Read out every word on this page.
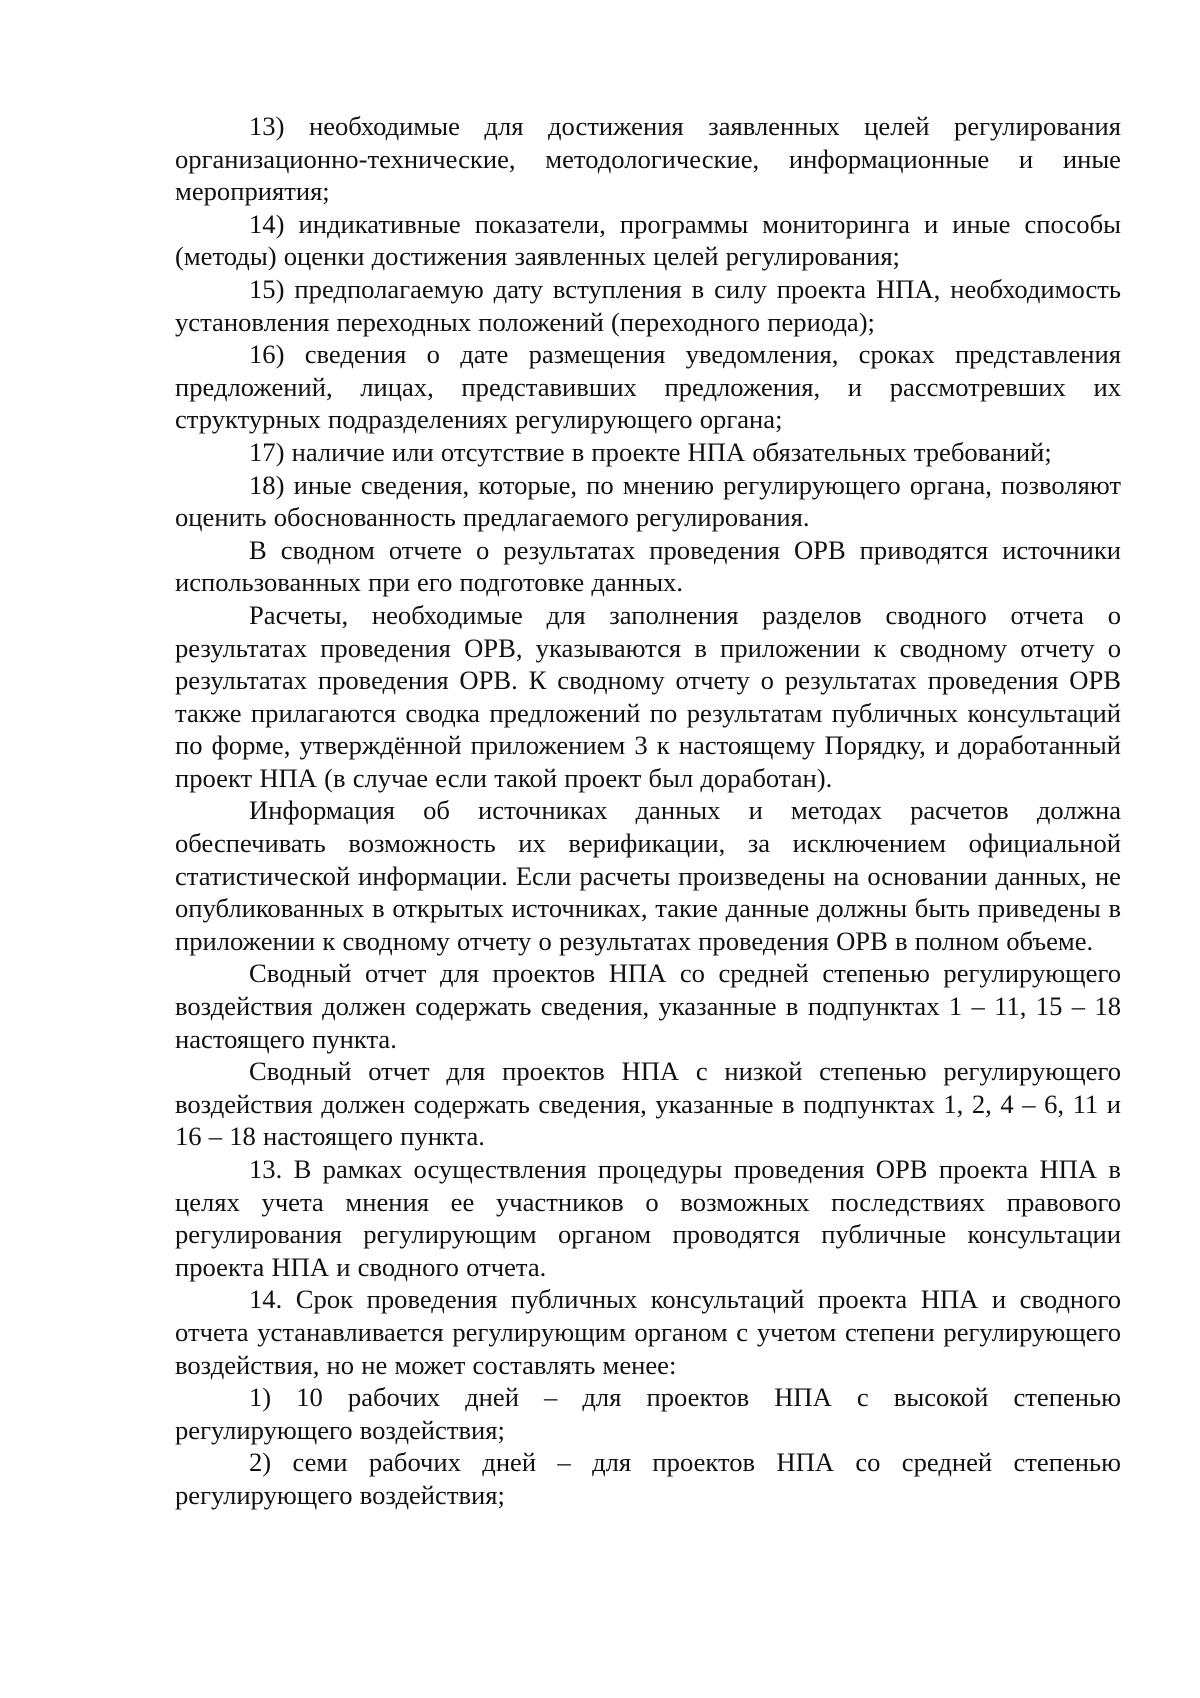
13) необходимые для достижения заявленных целей регулирования организационно-технические, методологические, информационные и иные мероприятия;

14) индикативные показатели, программы мониторинга и иные способы (методы) оценки достижения заявленных целей регулирования;

15) предполагаемую дату вступления в силу проекта НПА, необходимость установления переходных положений (переходного периода);

16) сведения о дате размещения уведомления, сроках представления предложений, лицах, представивших предложения, и рассмотревших их структурных подразделениях регулирующего органа;

17) наличие или отсутствие в проекте НПА обязательных требований;

18) иные сведения, которые, по мнению регулирующего органа, позволяют оценить обоснованность предлагаемого регулирования.

В сводном отчете о результатах проведения ОРВ приводятся источники использованных при его подготовке данных.

Расчеты, необходимые для заполнения разделов сводного отчета о результатах проведения ОРВ, указываются в приложении к сводному отчету о результатах проведения ОРВ. К сводному отчету о результатах проведения ОРВ также прилагаются сводка предложений по результатам публичных консультаций по форме, утверждённой приложением 3 к настоящему Порядку, и доработанный проект НПА (в случае если такой проект был доработан).

Информация об источниках данных и методах расчетов должна обеспечивать возможность их верификации, за исключением официальной статистической информации. Если расчеты произведены на основании данных, не опубликованных в открытых источниках, такие данные должны быть приведены в приложении к сводному отчету о результатах проведения ОРВ в полном объеме.

Сводный отчет для проектов НПА со средней степенью регулирующего воздействия должен содержать сведения, указанные в подпунктах 1 – 11, 15 – 18 настоящего пункта.

Сводный отчет для проектов НПА с низкой степенью регулирующего воздействия должен содержать сведения, указанные в подпунктах 1, 2, 4 – 6, 11 и 16 – 18 настоящего пункта.

13. В рамках осуществления процедуры проведения ОРВ проекта НПА в целях учета мнения ее участников о возможных последствиях правового регулирования регулирующим органом проводятся публичные консультации проекта НПА и сводного отчета.

14. Срок проведения публичных консультаций проекта НПА и сводного отчета устанавливается регулирующим органом с учетом степени регулирующего воздействия, но не может составлять менее:

1) 10 рабочих дней – для проектов НПА с высокой степенью регулирующего воздействия;

2) семи рабочих дней – для проектов НПА со средней степенью регулирующего воздействия;
